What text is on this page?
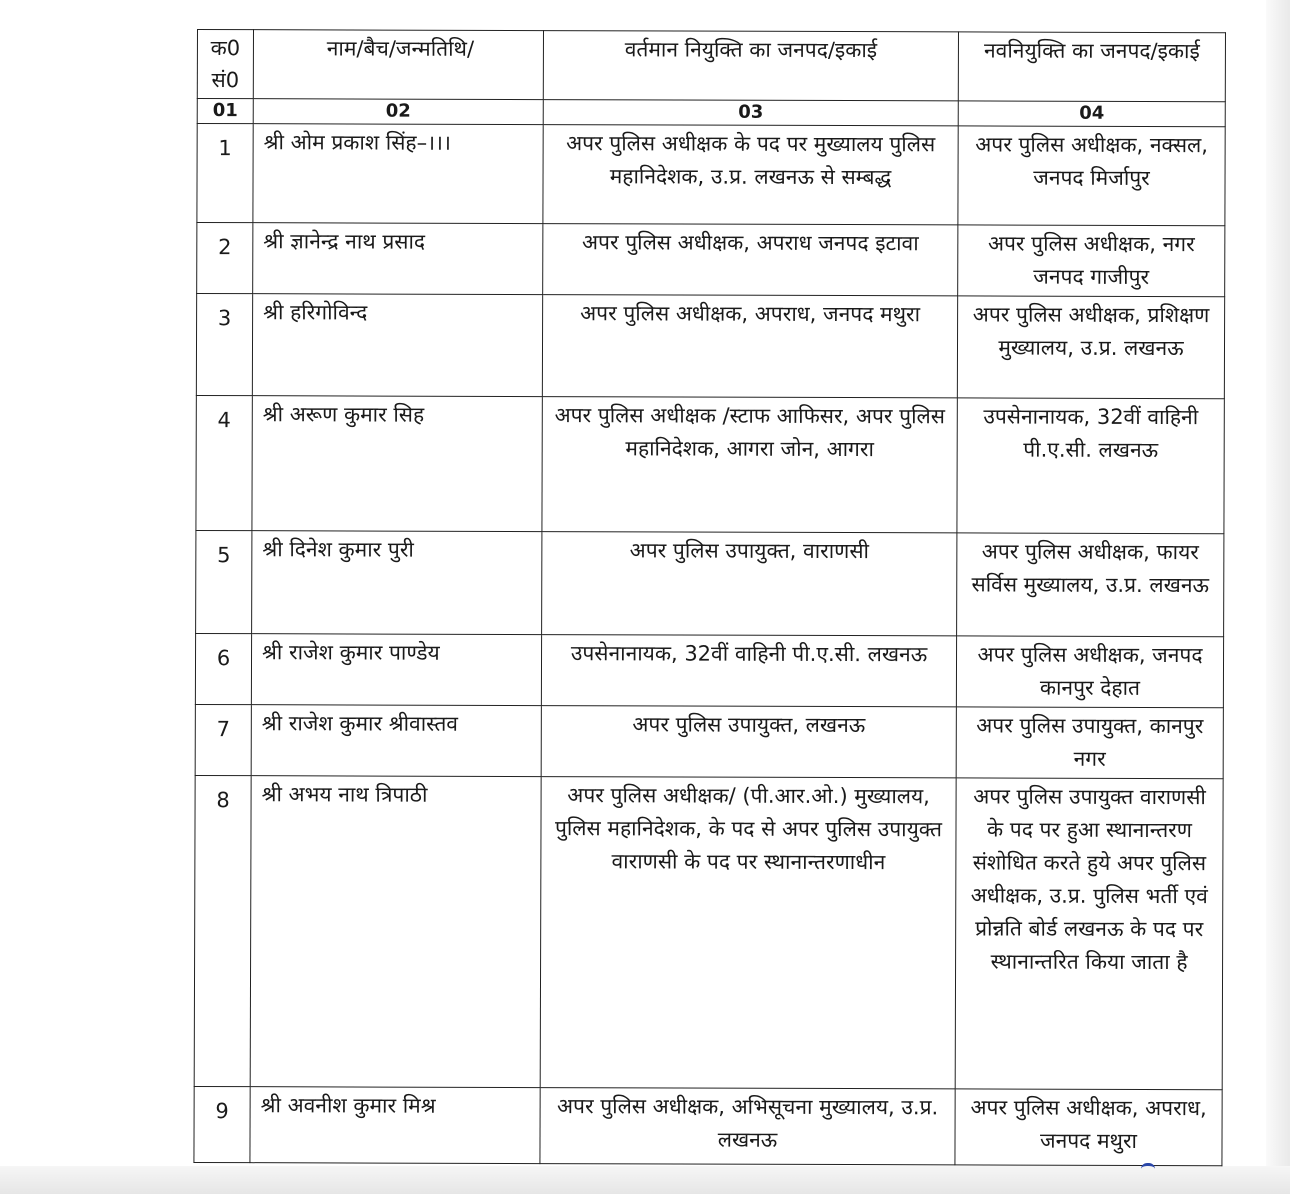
क0 सं0	नाम/बैच/जन्मतिथि/	वर्तमान नियुक्ति का जनपद/इकाई	नवनियुक्ति का जनपद/इकाई
01	02	03	04
1	श्री ओम प्रकाश सिंह–।।।	अपर पुलिस अधीक्षक के पद पर मुख्यालय पुलिस महानिदेशक, उ.प्र. लखनऊ से सम्बद्ध	अपर पुलिस अधीक्षक, नक्सल, जनपद मिर्जापुर
2	श्री ज्ञानेन्द्र नाथ प्रसाद	अपर पुलिस अधीक्षक, अपराध जनपद इटावा	अपर पुलिस अधीक्षक, नगर जनपद गाजीपुर
3	श्री हरिगोविन्द	अपर पुलिस अधीक्षक, अपराध, जनपद मथुरा	अपर पुलिस अधीक्षक, प्रशिक्षण मुख्यालय, उ.प्र. लखनऊ
4	श्री अरूण कुमार सिह	अपर पुलिस अधीक्षक /स्टाफ आफिसर, अपर पुलिस महानिदेशक, आगरा जोन, आगरा	उपसेनानायक, 32वीं वाहिनी पी.ए.सी. लखनऊ
5	श्री दिनेश कुमार पुरी	अपर पुलिस उपायुक्त, वाराणसी	अपर पुलिस अधीक्षक, फायर सर्विस मुख्यालय, उ.प्र. लखनऊ
6	श्री राजेश कुमार पाण्डेय	उपसेनानायक, 32वीं वाहिनी पी.ए.सी. लखनऊ	अपर पुलिस अधीक्षक, जनपद कानपुर देहात
7	श्री राजेश कुमार श्रीवास्तव	अपर पुलिस उपायुक्त, लखनऊ	अपर पुलिस उपायुक्त, कानपुर नगर
8	श्री अभय नाथ त्रिपाठी	अपर पुलिस अधीक्षक/ (पी.आर.ओ.) मुख्यालय, पुलिस महानिदेशक, के पद से अपर पुलिस उपायुक्त वाराणसी के पद पर स्थानान्तरणाधीन	अपर पुलिस उपायुक्त वाराणसी के पद पर हुआ स्थानान्तरण संशोधित करते हुये अपर पुलिस अधीक्षक, उ.प्र. पुलिस भर्ती एवं प्रोन्नति बोर्ड लखनऊ के पद पर स्थानान्तरित किया जाता है
9	श्री अवनीश कुमार मिश्र	अपर पुलिस अधीक्षक, अभिसूचना मुख्यालय, उ.प्र. लखनऊ	अपर पुलिस अधीक्षक, अपराध, जनपद मथुरा
